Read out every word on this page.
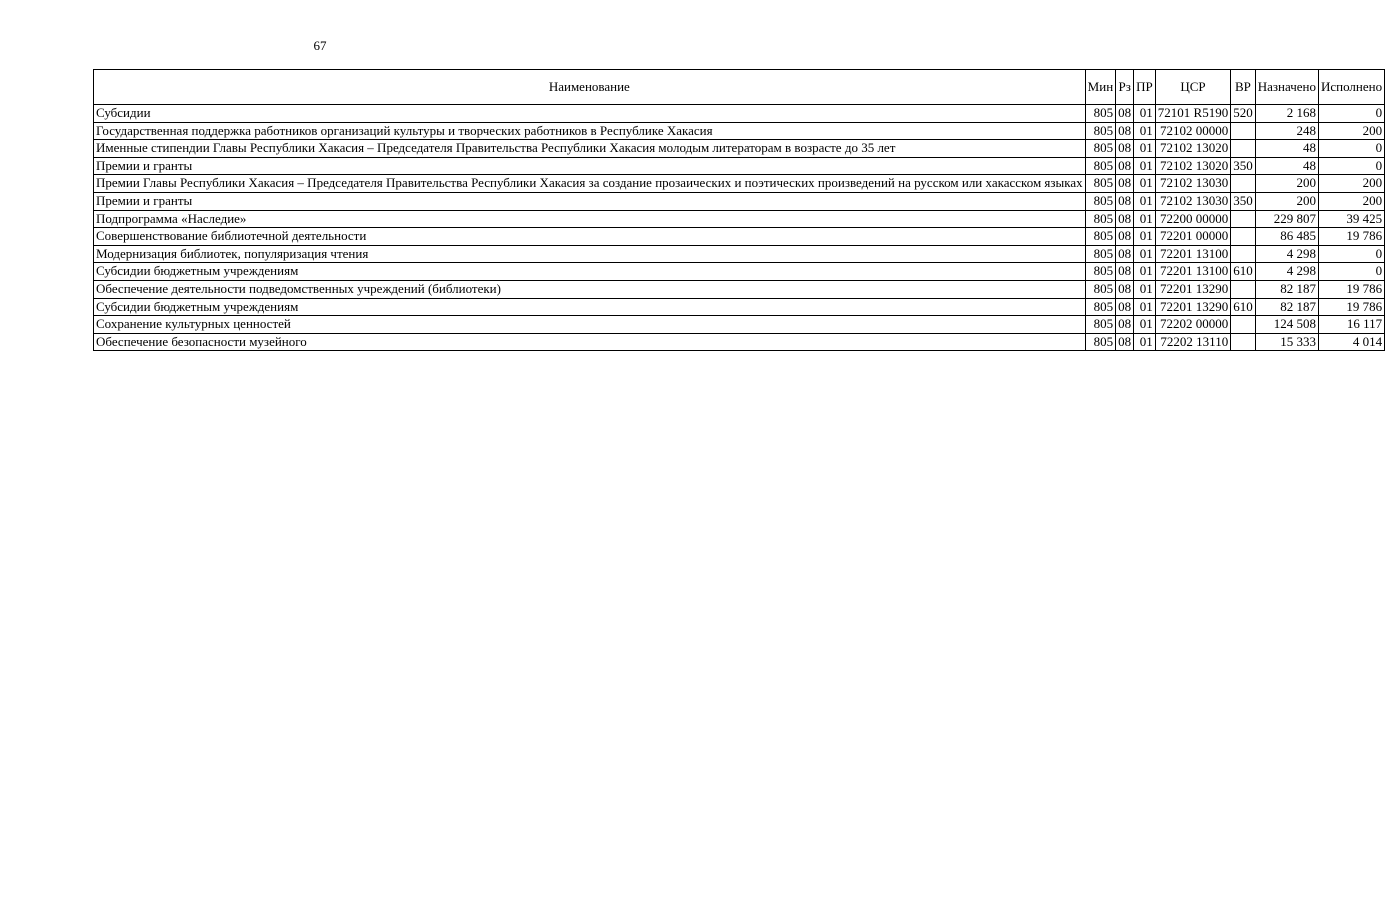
67
Наименование	Мин	Рз	ПР	ЦСР	ВР	Назначено	Исполнено
Субсидии	805	08	01	72101 R5190	520	2 168	0
Государственная поддержка работников организаций культуры и творческих работников в Республике Хакасия	805	08	01	72102 00000		248	200
Именные стипендии Главы Республики Хакасия – Председателя Правительства Республики Хакасия молодым литераторам в возрасте до 35 лет	805	08	01	72102 13020		48	0
Премии и гранты	805	08	01	72102 13020	350	48	0
Премии Главы Республики Хакасия – Председателя Правительства Республики Хакасия за создание прозаических и поэтических произведений на русском или хакасском языках	805	08	01	72102 13030		200	200
Премии и гранты	805	08	01	72102 13030	350	200	200
Подпрограмма «Наследие»	805	08	01	72200 00000		229 807	39 425
Совершенствование библиотечной деятельности	805	08	01	72201 00000		86 485	19 786
Модернизация библиотек, популяризация чтения	805	08	01	72201 13100		4 298	0
Субсидии бюджетным учреждениям	805	08	01	72201 13100	610	4 298	0
Обеспечение деятельности подведомственных учреждений (библиотеки)	805	08	01	72201 13290		82 187	19 786
Субсидии бюджетным учреждениям	805	08	01	72201 13290	610	82 187	19 786
Сохранение культурных ценностей	805	08	01	72202 00000		124 508	16 117
Обеспечение безопасности музейного	805	08	01	72202 13110		15 333	4 014
